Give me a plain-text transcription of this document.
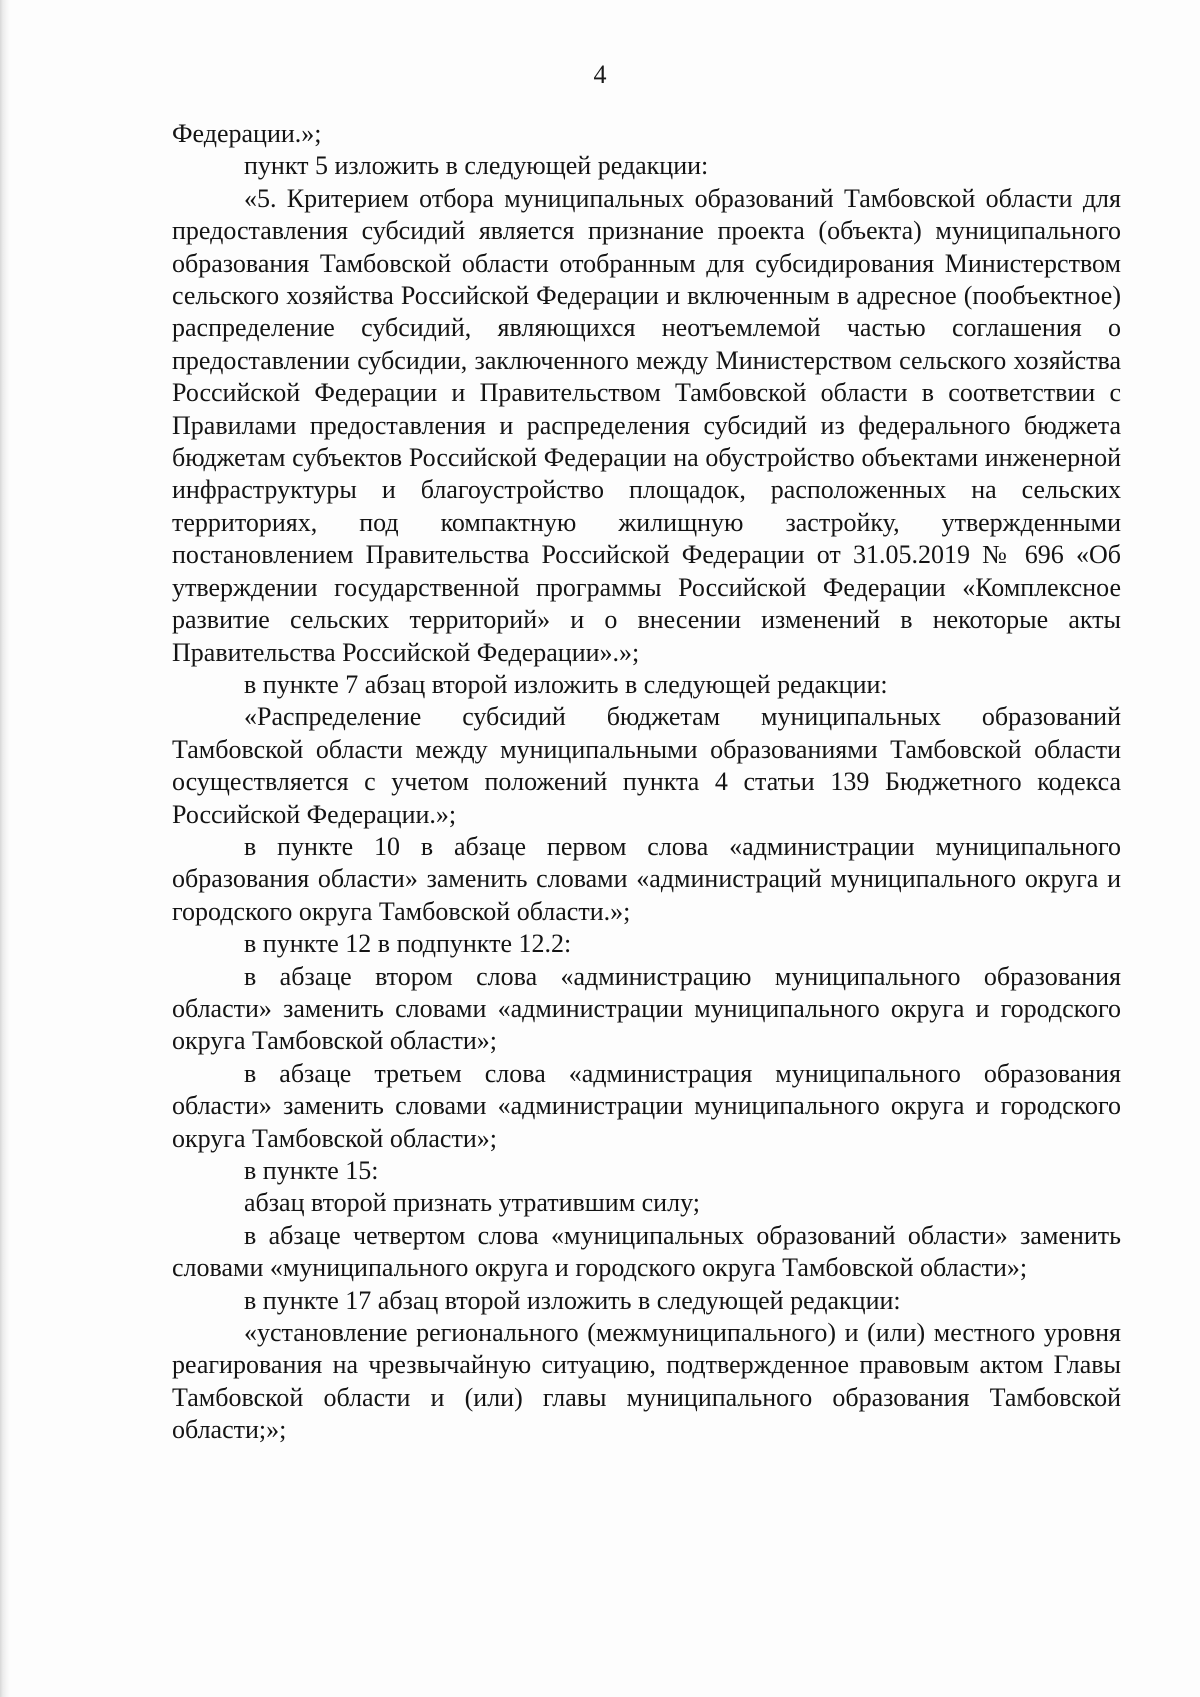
4

Федерации.»;

пункт 5 изложить в следующей редакции:

«5. Критерием отбора муниципальных образований Тамбовской области для предоставления субсидий является признание проекта (объекта) муниципального образования Тамбовской области отобранным для субсидирования Министерством сельского хозяйства Российской Федерации и включенным в адресное (пообъектное) распределение субсидий, являющихся неотъемлемой частью соглашения о предоставлении субсидии, заключенного между Министерством сельского хозяйства Российской Федерации и Правительством Тамбовской области в соответствии с Правилами предоставления и распределения субсидий из федерального бюджета бюджетам субъектов Российской Федерации на обустройство объектами инженерной инфраструктуры и благоустройство площадок, расположенных на сельских территориях, под компактную жилищную застройку, утвержденными постановлением Правительства Российской Федерации от 31.05.2019 № 696 «Об утверждении государственной программы Российской Федерации «Комплексное развитие сельских территорий» и о внесении изменений в некоторые акты Правительства Российской Федерации».»;

в пункте 7 абзац второй изложить в следующей редакции:

«Распределение субсидий бюджетам муниципальных образований Тамбовской области между муниципальными образованиями Тамбовской области осуществляется с учетом положений пункта 4 статьи 139 Бюджетного кодекса Российской Федерации.»;

в пункте 10 в абзаце первом слова «администрации муниципального образования области» заменить словами «администраций муниципального округа и городского округа Тамбовской области.»;

в пункте 12 в подпункте 12.2:

в абзаце втором слова «администрацию муниципального образования области» заменить словами «администрации муниципального округа и городского округа Тамбовской области»;

в абзаце третьем слова «администрация муниципального образования области» заменить словами «администрации муниципального округа и городского округа Тамбовской области»;

в пункте 15:

абзац второй признать утратившим силу;

в абзаце четвертом слова «муниципальных образований области» заменить словами «муниципального округа и городского округа Тамбовской области»;

в пункте 17 абзац второй изложить в следующей редакции:

«установление регионального (межмуниципального) и (или) местного уровня реагирования на чрезвычайную ситуацию, подтвержденное правовым актом Главы Тамбовской области и (или) главы муниципального образования Тамбовской области;»;
